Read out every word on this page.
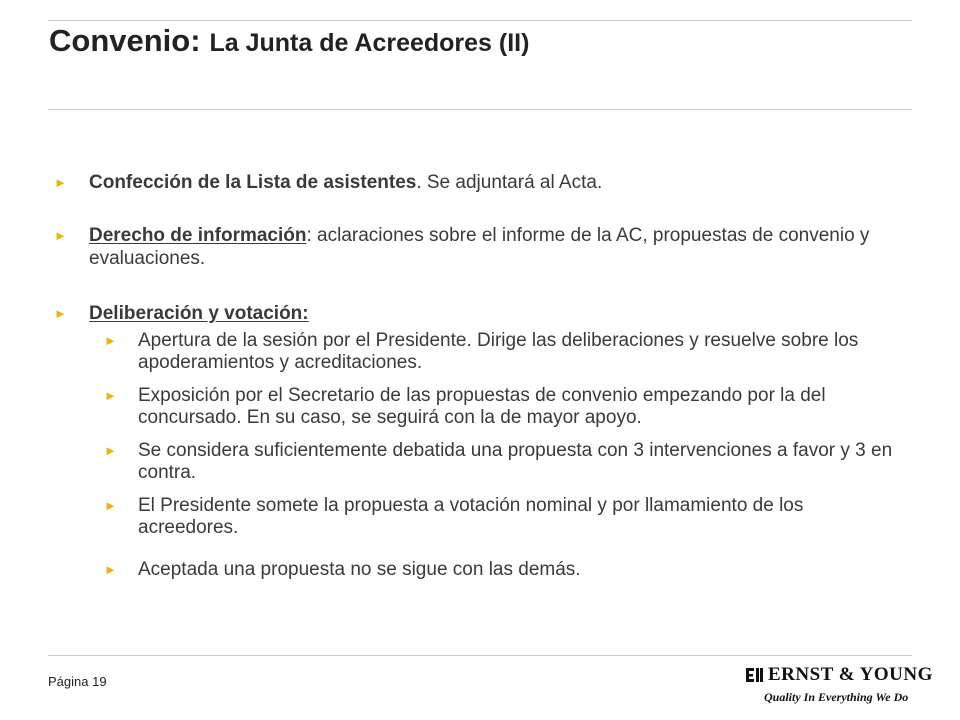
Convenio: La Junta de Acreedores (II)
► Confección de la Lista de asistentes. Se adjuntará al Acta.
► Derecho de información: aclaraciones sobre el informe de la AC, propuestas de convenio y evaluaciones.
► Deliberación y votación:
► Apertura de la sesión por el Presidente. Dirige las deliberaciones y resuelve sobre los apoderamientos y acreditaciones.
► Exposición por el Secretario de las propuestas de convenio empezando por la del concursado. En su caso, se seguirá con la de mayor apoyo.
► Se considera suficientemente debatida una propuesta con 3 intervenciones a favor y 3 en contra.
► El Presidente somete la propuesta a votación nominal y por llamamiento de los acreedores.
► Aceptada una propuesta no se sigue con las demás.
Página 19	ERNST & YOUNG
Quality In Everything We Do
